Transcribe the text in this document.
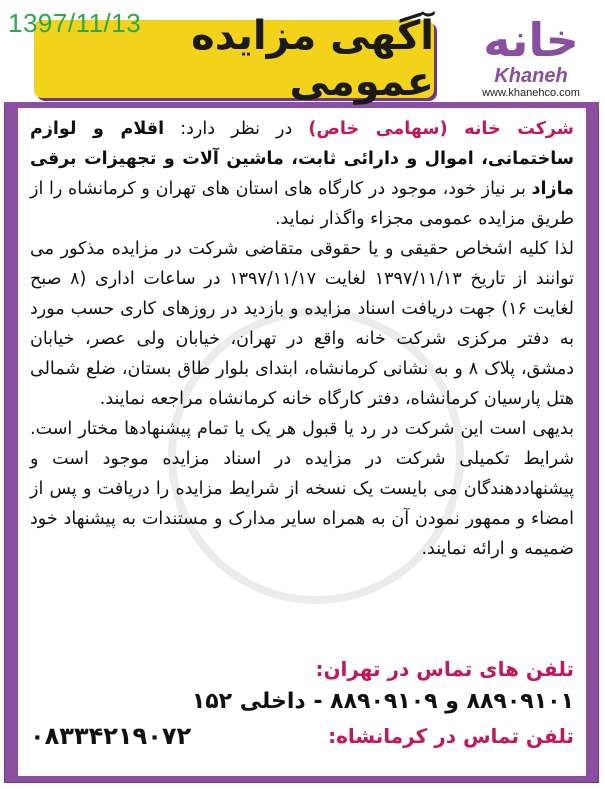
آگهی مزایده عمومی
خانه
Khaneh
www.khanehco.com
1397/11/13
شرکت خانه (سهامی خاص) در نظر دارد: اقلام و لوازم ساختمانی، اموال و دارائی ثابت، ماشین آلات و تجهیزات برقی مازاد بر نیاز خود، موجود در کارگاه های استان های تهران و کرمانشاه را از طریق مزایده عمومی مجزاء واگذار نماید.
لذا کلیه اشخاص حقیقی و یا حقوقی متقاضی شرکت در مزایده مذکور می توانند از تاریخ ۱۳۹۷/۱۱/۱۳ لغایت ۱۳۹۷/۱۱/۱۷ در ساعات اداری (۸ صبح لغایت ۱۶) جهت دریافت اسناد مزایده و بازدید در روزهای کاری حسب مورد به دفتر مرکزی شرکت خانه واقع در تهران، خیابان ولی عصر، خیابان دمشق، پلاک ۸ و به نشانی کرمانشاه، ابتدای بلوار طاق بستان، ضلع شمالی هتل پارسیان کرمانشاه، دفتر کارگاه خانه کرمانشاه مراجعه نمایند.
بدیهی است این شرکت در رد یا قبول هر یک یا تمام پیشنهادها مختار است. شرایط تکمیلی شرکت در مزایده در اسناد مزایده موجود است و پیشنهاددهندگان می بایست یک نسخه از شرایط مزایده را دریافت و پس از امضاء و ممهور نمودن آن به همراه سایر مدارک و مستندات به پیشنهاد خود ضمیمه و ارائه نمایند.
تلفن های تماس در تهران:
۸۸۹۰۹۱۰۱ و ۸۸۹۰۹۱۰۹ - داخلی ۱۵۲
تلفن تماس در کرمانشاه:
۰۸۳۳۴۲۱۹۰۷۲
